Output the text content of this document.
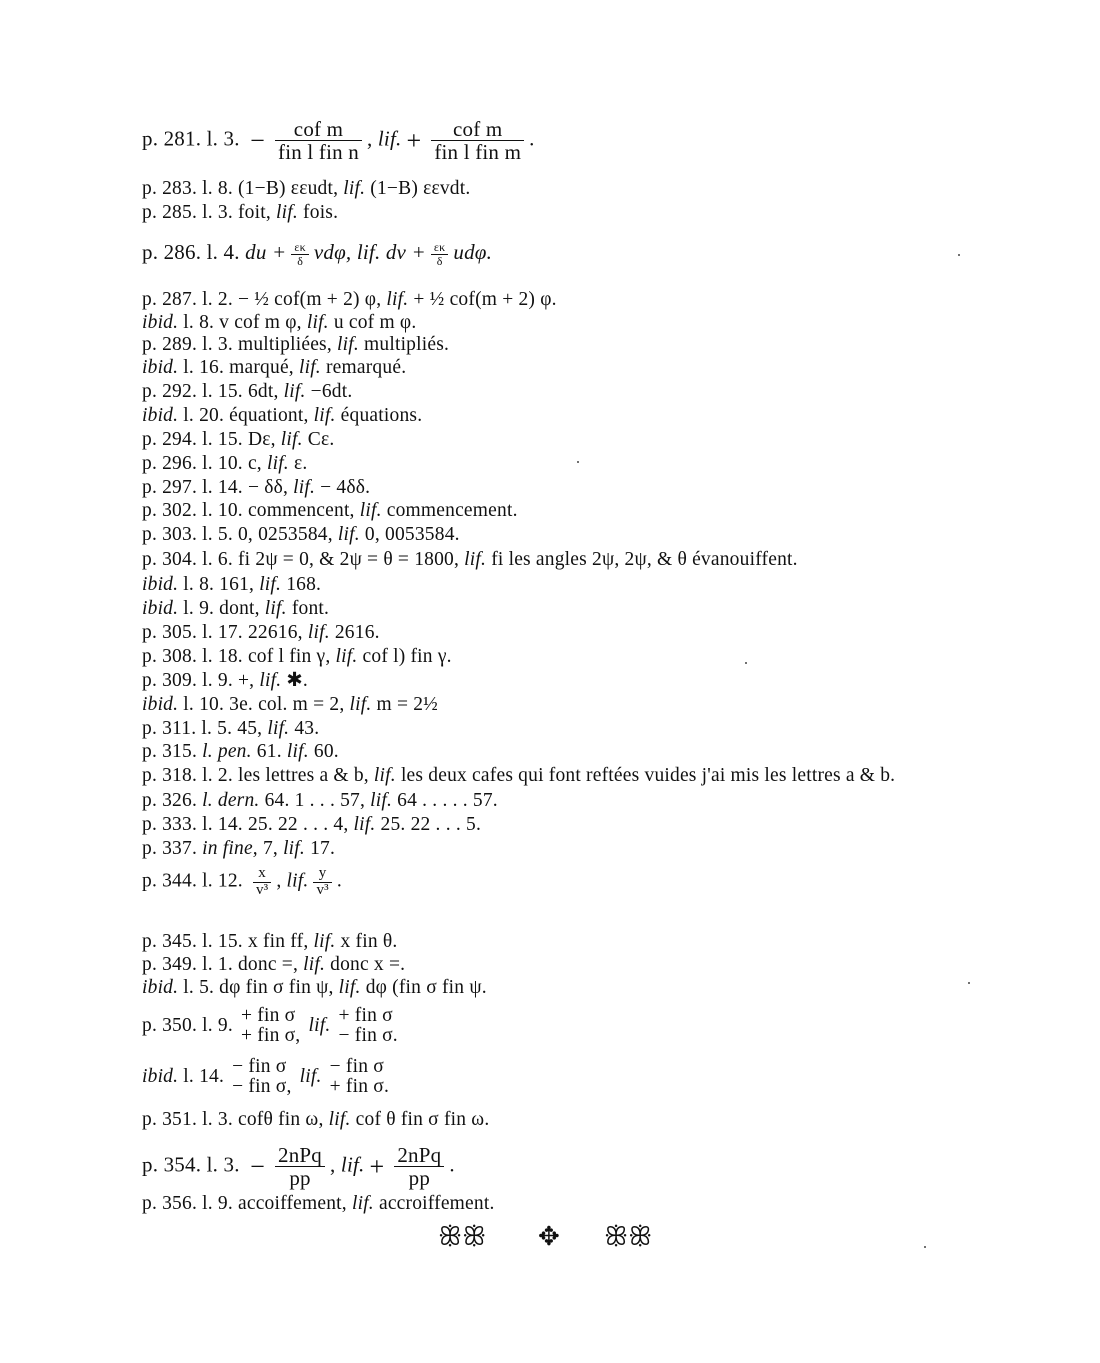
p. 281. l. 3. − $\frac{\text{cof m}}{\text{fin l fin n}}$ , lif. + $\frac{\text{cof m}}{\text{fin l fin m}}$ .
p. 283. l. 8. (1−B) εεudt, lif. (1−B) εεvdt.
p. 285. l. 3. foit, lif. fois.
p. 286. l. 4. du + $\frac{\varepsilon\kappa}{\delta} vd\varphi$, lif. dv + $\frac{\varepsilon\kappa}{\delta} ud\varphi$.
p. 287. l. 2. − ½ cof(m + 2) φ, lif. + ½ cof(m + 2) φ.
ibid. l. 8. v cof m φ, lif. u cof m φ.
p. 289. l. 3. multipliées, lif. multipliés.
ibid. l. 16. marqué, lif. remarqué.
p. 292. l. 15. 6dt, lif. −6dt.
ibid. l. 20. équationt, lif. équations.
p. 294. l. 15. Dε, lif. Cε.
p. 296. l. 10. c, lif. ε.
p. 297. l. 14. − δδ, lif. − 4δδ.
p. 302. l. 10. commencent, lif. commencement.
p. 303. l. 5. 0, 0253584, lif. 0, 0053584.
p. 304. l. 6. fi 2ψ = 0, & 2ψ = θ = 1800, lif. fi les angles 2ψ, 2ψ, & θ évanouiffent.
ibid. l. 8. 161, lif. 168.
ibid. l. 9. dont, lif. font.
p. 305. l. 17. 22616, lif. 2616.
p. 308. l. 18. cof l fin γ, lif. cof l) fin γ.
p. 309. l. 9. +, lif. ✱.
ibid. l. 10. 3e. col. m = 2, lif. m = 2½
p. 311. l. 5. 45, lif. 43.
p. 315. l. pen. 61. lif. 60.
p. 318. l. 2. les lettres a & b, lif. les deux cafes qui font reftées vuides j'ai mis les lettres a & b.
p. 326. l. dern. 64. 1 . . . 57, lif. 64 . . . . . 57.
p. 333. l. 14. 25. 22 . . . 4, lif. 25. 22 . . . 5.
p. 337. in fine, 7, lif. 17.
p. 344. l. 12. $\frac{x}{\text{v³}}$ , lif. $\frac{y}{\text{v³}}$ .
p. 345. l. 15. x fin ff, lif. x fin θ.
p. 349. l. 1. donc =, lif. donc x =.
ibid. l. 5. dφ fin σ fin ψ, lif. dφ (fin σ fin ψ.
p. 350. l. 9. + fin σ
+ fin σ,
lif. + fin σ
− fin σ.
ibid. l. 14. − fin σ
− fin σ,
lif. − fin σ
+ fin σ.
p. 351. l. 3. cofθ fin ω, lif. cof θ fin σ fin ω.
p. 354. l. 3. − $\frac{\text{2nPq}}{pp}$ , lif. + $\frac{\text{2nPq}}{pp}$ .
p. 356. l. 9. accoiffement, lif. accroiffement.
ꕥꕥ ✥ ꕥꕥ
